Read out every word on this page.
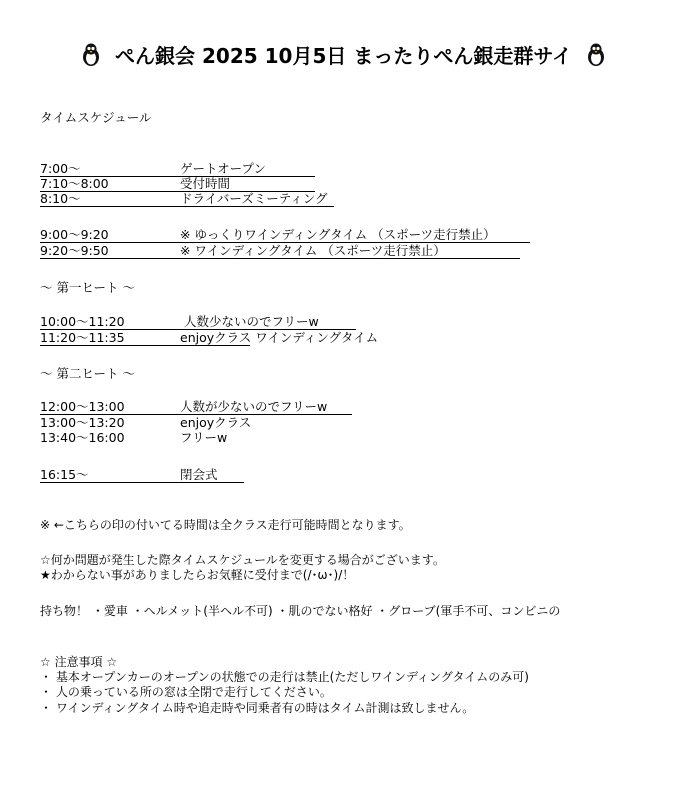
ぺん銀会 2025 10月5日 まったりぺん銀走群サイ
タイムスケジュール
7:00～	ゲートオープン
7:10～8:00	受付時間
8:10～	ドライバーズミーティング
9:00～9:20	※ ゆっくりワインディングタイム （スポーツ走行禁止）
9:20～9:50	※ ワインディングタイム （スポーツ走行禁止）
～ 第一ヒート ～
10:00～11:20	人数少ないのでフリーw
11:20～11:35	enjoyクラス ワインディングタイム
～ 第二ヒート ～
12:00～13:00	人数が少ないのでフリーw
13:00～13:20	enjoyクラス
13:40～16:00	フリーw
16:15～	閉会式
※ ←こちらの印の付いてる時間は全クラス走行可能時間となります。
☆何か問題が発生した際タイムスケジュールを変更する場合がございます。
★わからない事がありましたらお気軽に受付まで(/･ω･)/！
持ち物！ ・愛車 ・ヘルメット(半ヘル不可) ・肌のでない格好 ・グローブ(軍手不可、コンビニの
☆ 注意事項 ☆
・ 基本オープンカーのオープンの状態での走行は禁止(ただしワインディングタイムのみ可)
・ 人の乗っている所の窓は全閉で走行してください。
・ ワインディングタイム時や追走時や同乗者有の時はタイム計測は致しません。
